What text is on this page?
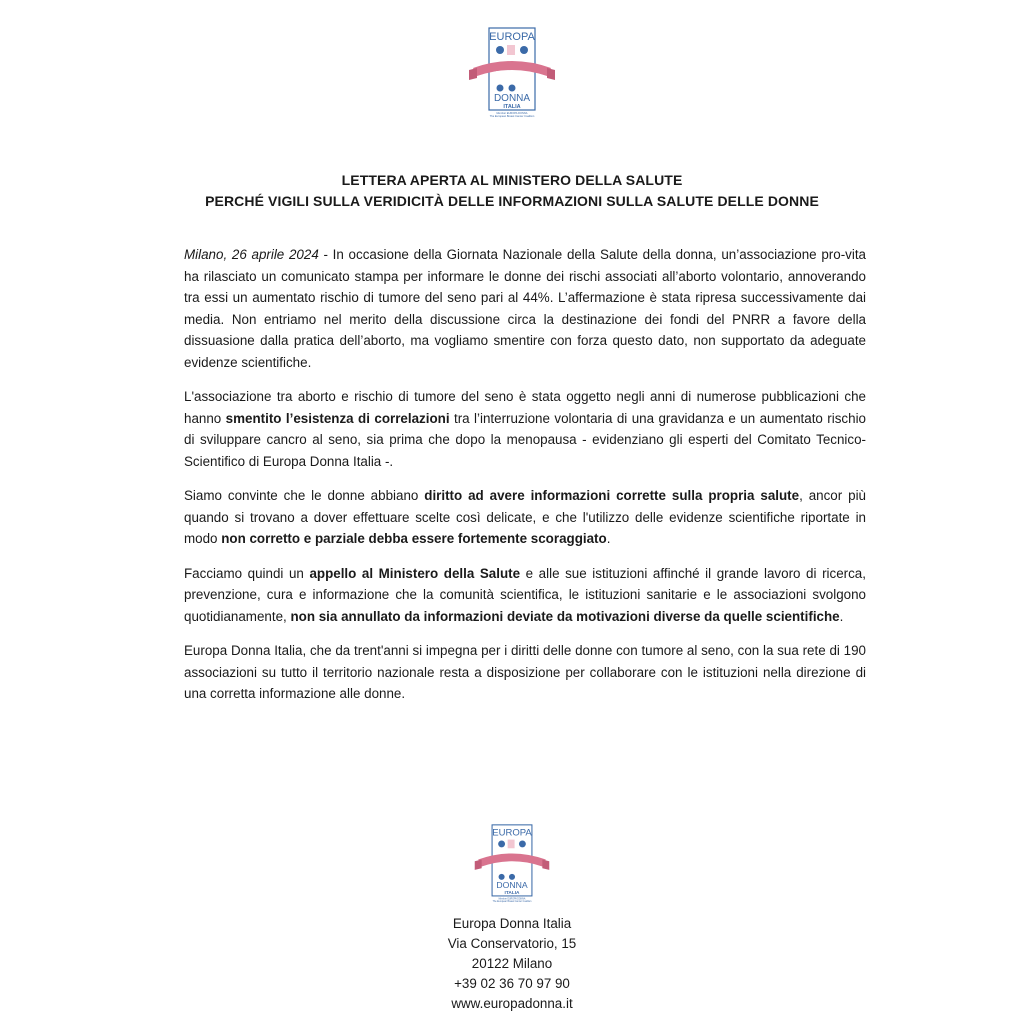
EUROPA
30 years
DONNA
ITALIA
Member EUROPA DONNA
The European Breast Cancer Coalition
LETTERA APERTA AL MINISTERO DELLA SALUTE
PERCHÉ VIGILI SULLA VERIDICITÀ DELLE INFORMAZIONI SULLA SALUTE DELLE DONNE

Milano, 26 aprile 2024 - In occasione della Giornata Nazionale della Salute della donna, un’associazione pro-vita ha rilasciato un comunicato stampa per informare le donne dei rischi associati all’aborto volontario, annoverando tra essi un aumentato rischio di tumore del seno pari al 44%. L’affermazione è stata ripresa successivamente dai media. Non entriamo nel merito della discussione circa la destinazione dei fondi del PNRR a favore della dissuasione dalla pratica dell’aborto, ma vogliamo smentire con forza questo dato, non supportato da adeguate evidenze scientifiche.

L'associazione tra aborto e rischio di tumore del seno è stata oggetto negli anni di numerose pubblicazioni che hanno smentito l’esistenza di correlazioni tra l’interruzione volontaria di una gravidanza e un aumentato rischio di sviluppare cancro al seno, sia prima che dopo la menopausa - evidenziano gli esperti del Comitato Tecnico-Scientifico di Europa Donna Italia -.

Siamo convinte che le donne abbiano diritto ad avere informazioni corrette sulla propria salute, ancor più quando si trovano a dover effettuare scelte così delicate, e che l'utilizzo delle evidenze scientifiche riportate in modo non corretto e parziale debba essere fortemente scoraggiato.

Facciamo quindi un appello al Ministero della Salute e alle sue istituzioni affinché il grande lavoro di ricerca, prevenzione, cura e informazione che la comunità scientifica, le istituzioni sanitarie e le associazioni svolgono quotidianamente, non sia annullato da informazioni deviate da motivazioni diverse da quelle scientifiche.

Europa Donna Italia, che da trent'anni si impegna per i diritti delle donne con tumore al seno, con la sua rete di 190 associazioni su tutto il territorio nazionale resta a disposizione per collaborare con le istituzioni nella direzione di una corretta informazione alle donne.

EUROPA
30 years
DONNA
ITALIA
Member EUROPA DONNA
The European Breast Cancer Coalition
Europa Donna Italia
Via Conservatorio, 15
20122 Milano
+39 02 36 70 97 90
www.europadonna.it
